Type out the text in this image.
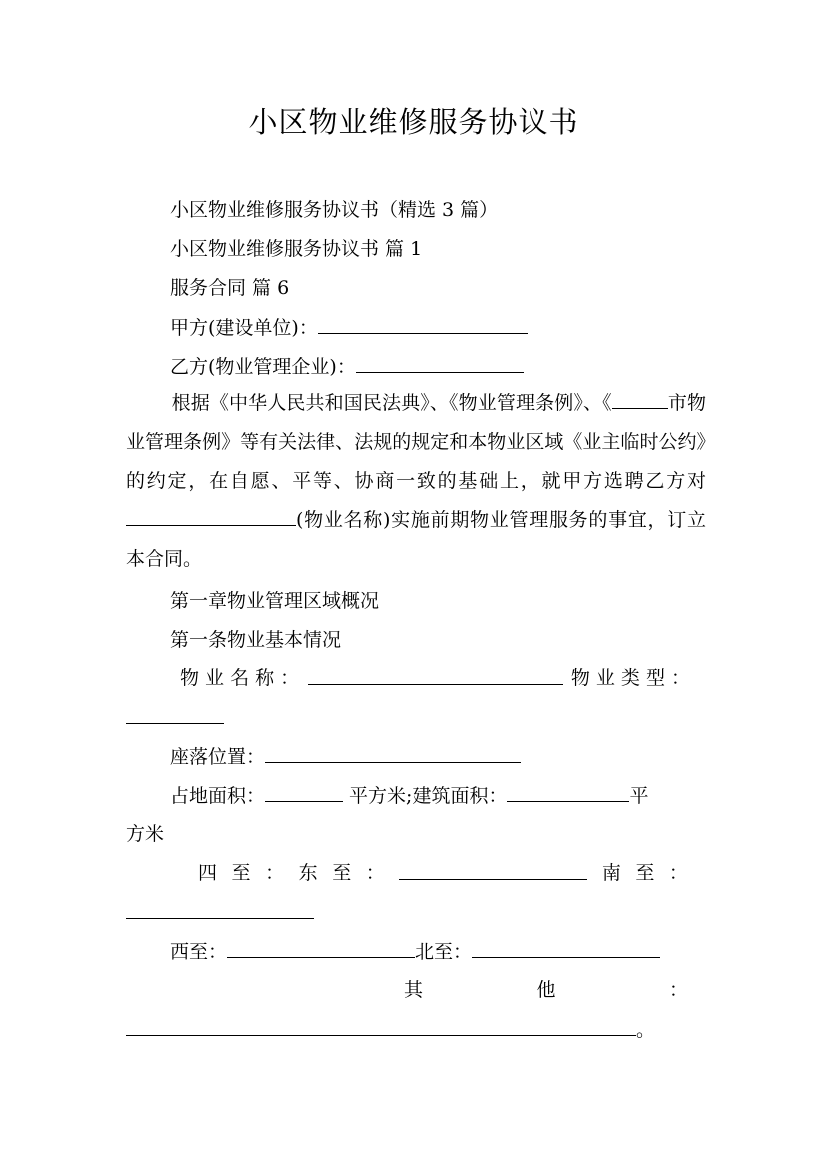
小区物业维修服务协议书
小区物业维修服务协议书（精选 3 篇）
小区物业维修服务协议书 篇 1
服务合同 篇 6
甲方(建设单位)：
乙方(物业管理企业)：
根据《中华人民共和国民法典》、《物业管理条例》、《	市物业管理条例》等有关法律、法规的规定和本物业区域《业主临时公约》的约定，在自愿、平等、协商一致的基础上，就甲方选聘乙方对(物业名称)实施前期物业管理服务的事宜，订立本合同。
第一章物业管理区域概况
第一条物业基本情况
物 业 名 称 ：	物 业 类 型 ：
座落位置：
占地面积：	平方米;建筑面积：	平
方米
四 至 ： 东 至 ：	南 至 ：
西至：	北至：
其	他	：
。
